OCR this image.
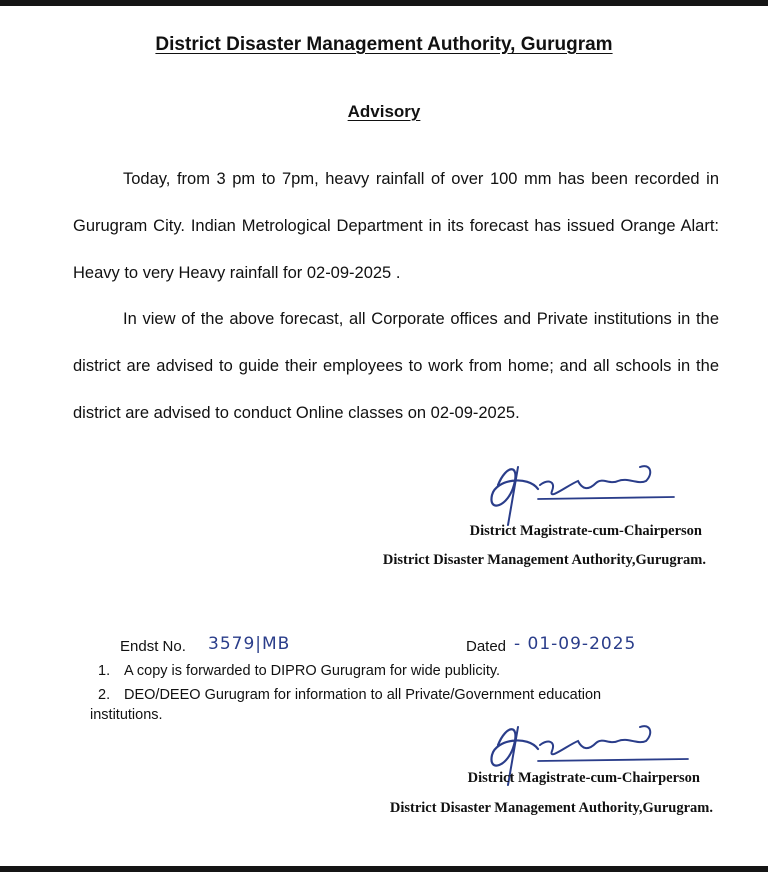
District Disaster Management Authority, Gurugram
Advisory

Today, from 3 pm to 7pm, heavy rainfall of over 100 mm has been recorded in Gurugram City. Indian Metrological Department in its forecast has issued Orange Alart: Heavy to very Heavy rainfall for 02-09-2025 .

In view of the above forecast, all Corporate offices and Private institutions in the district are advised to guide their employees to work from home; and all schools in the district are advised to conduct Online classes on 02-09-2025.

District Magistrate-cum-Chairperson
District Disaster Management Authority,Gurugram.
Endst No. 3579|MB	Dated - 01-09-2025
1. A copy is forwarded to DIPRO Gurugram for wide publicity.
2. DEO/DEEO Gurugram for information to all Private/Government education
institutions.
District Magistrate-cum-Chairperson
District Disaster Management Authority,Gurugram.
